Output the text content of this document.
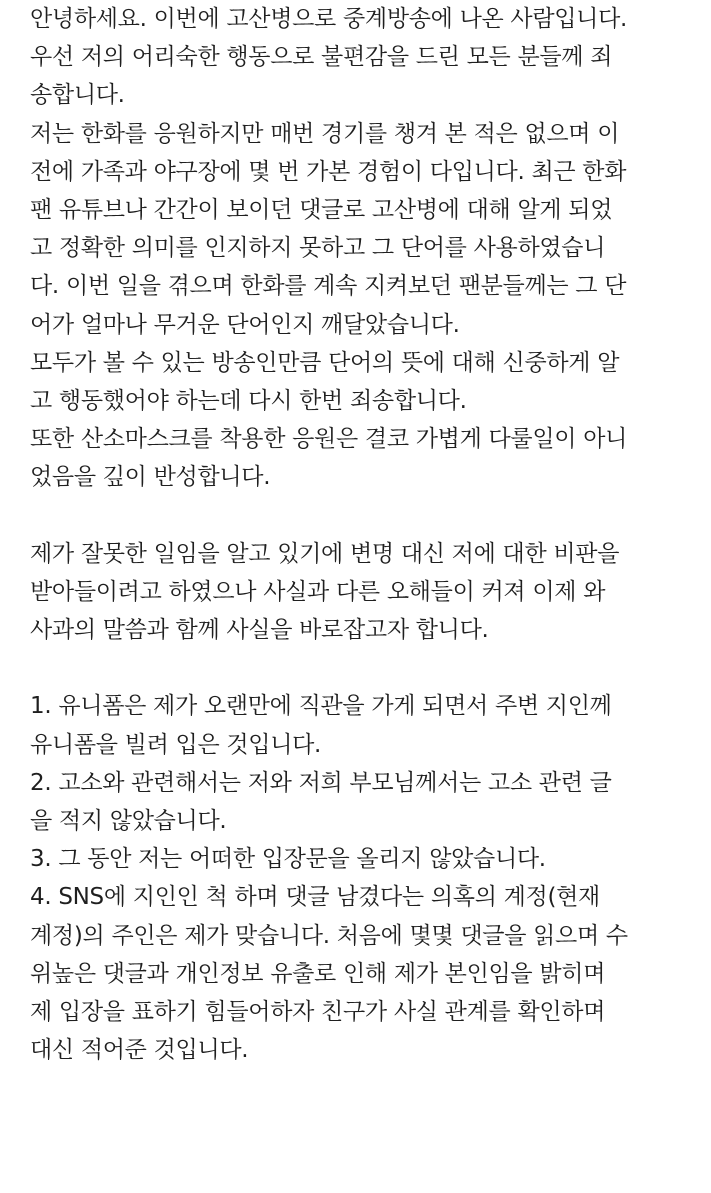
안녕하세요. 이번에 고산병으로 중계방송에 나온 사람입니다.
우선 저의 어리숙한 행동으로 불편감을 드린 모든 분들께 죄
송합니다.
저는 한화를 응원하지만 매번 경기를 챙겨 본 적은 없으며 이
전에 가족과 야구장에 몇 번 가본 경험이 다입니다. 최근 한화
팬 유튜브나 간간이 보이던 댓글로 고산병에 대해 알게 되었
고 정확한 의미를 인지하지 못하고 그 단어를 사용하였습니
다. 이번 일을 겪으며 한화를 계속 지켜보던 팬분들께는 그 단
어가 얼마나 무거운 단어인지 깨달았습니다.
모두가 볼 수 있는 방송인만큼 단어의 뜻에 대해 신중하게 알
고 행동했어야 하는데 다시 한번 죄송합니다.
또한 산소마스크를 착용한 응원은 결코 가볍게 다룰일이 아니
었음을 깊이 반성합니다.
제가 잘못한 일임을 알고 있기에 변명 대신 저에 대한 비판을
받아들이려고 하였으나 사실과 다른 오해들이 커져 이제 와
사과의 말씀과 함께 사실을 바로잡고자 합니다.
1. 유니폼은 제가 오랜만에 직관을 가게 되면서 주변 지인께
유니폼을 빌려 입은 것입니다.
2. 고소와 관련해서는 저와 저희 부모님께서는 고소 관련 글
을 적지 않았습니다.
3. 그 동안 저는 어떠한 입장문을 올리지 않았습니다.
4. SNS에 지인인 척 하며 댓글 남겼다는 의혹의 계정(현재
계정)의 주인은 제가 맞습니다. 처음에 몇몇 댓글을 읽으며 수
위높은 댓글과 개인정보 유출로 인해 제가 본인임을 밝히며
제 입장을 표하기 힘들어하자 친구가 사실 관계를 확인하며
대신 적어준 것입니다.
